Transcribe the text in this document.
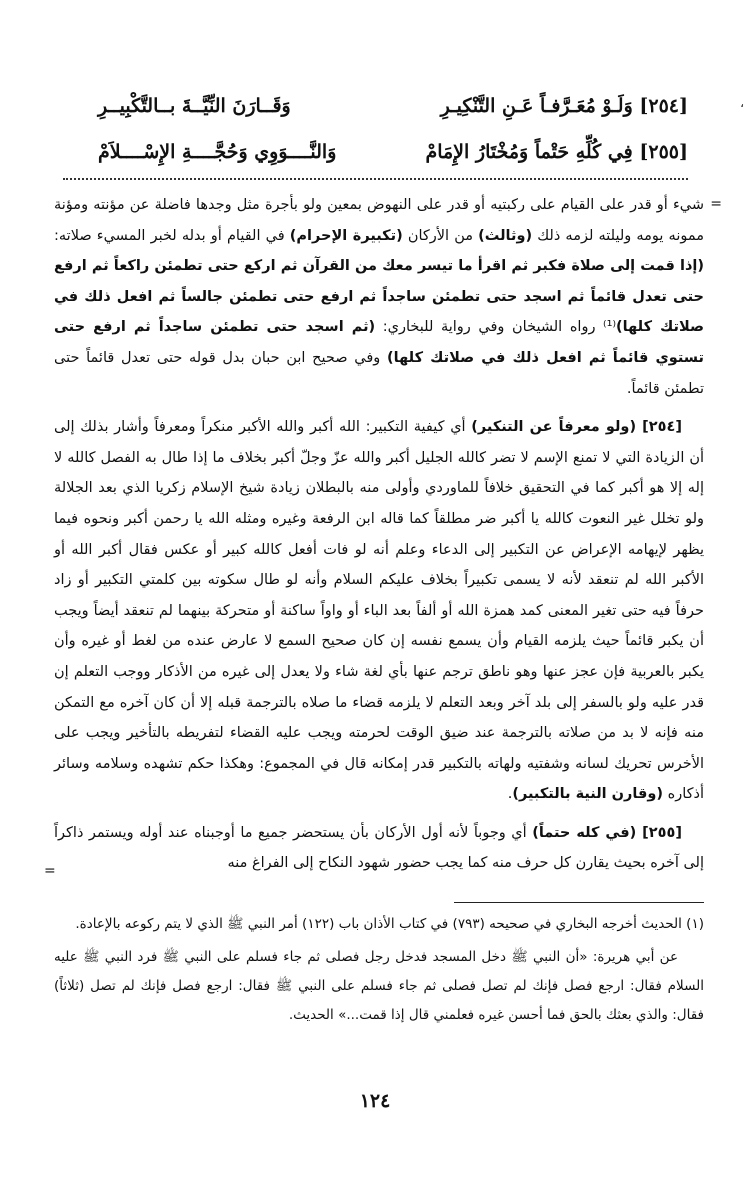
،
[٢٥٤] وَلَـوْ مُعَـرَّفـاً عَـنِ التَّنْكِيـرِ
وَقَــارَنَ النِّيَّــةَ بــالتَّكْبِيــرِ
[٢٥٥] فِي كُلِّهِ حَتْماً وَمُخْتَارُ الإِمَامْ
وَالنَّــــوَوِي وَحُجَّــــةِ الإِسْــــلاَمْ
=

شيء أو قدر على القيام على ركبتيه أو قدر على النهوض بمعين ولو بأجرة مثل وجدها فاضلة عن مؤنته ومؤنة ممونه يومه وليلته لزمه ذلك (وثالث) من الأركان (تكبيرة الإحرام) في القيام أو بدله لخبر المسيء صلاته: (إذا قمت إلى صلاة فكبر ثم اقرأ ما تيسر معك من القرآن ثم اركع حتى تطمئن راكعاً ثم ارفع حتى تعدل قائماً ثم اسجد حتى تطمئن ساجداً ثم ارفع حتى تطمئن جالساً ثم افعل ذلك في صلاتك كلها)⁽¹⁾ رواه الشيخان وفي رواية للبخاري: (ثم اسجد حتى تطمئن ساجداً ثم ارفع حتى تستوي قائماً ثم افعل ذلك في صلاتك كلها) وفي صحيح ابن حبان بدل قوله حتى تعدل قائماً حتى تطمئن قائماً.

[٢٥٤] (ولو معرفاً عن التنكير) أي كيفية التكبير: الله أكبر والله الأكبر منكراً ومعرفاً وأشار بذلك إلى أن الزيادة التي لا تمنع الإسم لا تضر كالله الجليل أكبر والله عزّ وجلّ أكبر بخلاف ما إذا طال به الفصل كالله لا إله إلا هو أكبر كما في التحقيق خلافاً للماوردي وأولى منه بالبطلان زيادة شيخ الإسلام زكريا الذي بعد الجلالة ولو تخلل غير النعوت كالله يا أكبر ضر مطلقاً كما قاله ابن الرفعة وغيره ومثله الله يا رحمن أكبر ونحوه فيما يظهر لإيهامه الإعراض عن التكبير إلى الدعاء وعلم أنه لو فات أفعل كالله كبير أو عكس فقال أكبر الله أو الأكبر الله لم تنعقد لأنه لا يسمى تكبيراً بخلاف عليكم السلام وأنه لو طال سكوته بين كلمتي التكبير أو زاد حرفاً فيه حتى تغير المعنى كمد همزة الله أو ألفاً بعد الباء أو واواً ساكنة أو متحركة بينهما لم تنعقد أيضاً ويجب أن يكبر قائماً حيث يلزمه القيام وأن يسمع نفسه إن كان صحيح السمع لا عارض عنده من لغط أو غيره وأن يكبر بالعربية فإن عجز عنها وهو ناطق ترجم عنها بأي لغة شاء ولا يعدل إلى غيره من الأذكار ووجب التعلم إن قدر عليه ولو بالسفر إلى بلد آخر وبعد التعلم لا يلزمه قضاء ما صلاه بالترجمة قبله إلا أن كان آخره مع التمكن منه فإنه لا بد من صلاته بالترجمة عند ضيق الوقت لحرمته ويجب عليه القضاء لتفريطه بالتأخير ويجب على الأخرس تحريك لسانه وشفتيه ولهاته بالتكبير قدر إمكانه قال في المجموع: وهكذا حكم تشهده وسلامه وسائر أذكاره (وقارن النية بالتكبير).

[٢٥٥] (في كله حتماً) أي وجوباً لأنه أول الأركان بأن يستحضر جميع ما أوجبناه عند أوله ويستمر ذاكراً إلى آخره بحيث يقارن كل حرف منه كما يجب حضور شهود النكاح إلى الفراغ منه

=

(١) الحديث أخرجه البخاري في صحيحه (٧٩٣) في كتاب الأذان باب (١٢٢) أمر النبي ﷺ الذي لا يتم ركوعه بالإعادة.

عن أبي هريرة: «أن النبي ﷺ دخل المسجد فدخل رجل فصلى ثم جاء فسلم على النبي ﷺ فرد النبي ﷺ عليه السلام فقال: ارجع فصل فإنك لم تصل فصلى ثم جاء فسلم على النبي ﷺ فقال: ارجع فصل فإنك لم تصل (ثلاثاً) فقال: والذي بعثك بالحق فما أحسن غيره فعلمني قال إذا قمت...» الحديث.

١٢٤
